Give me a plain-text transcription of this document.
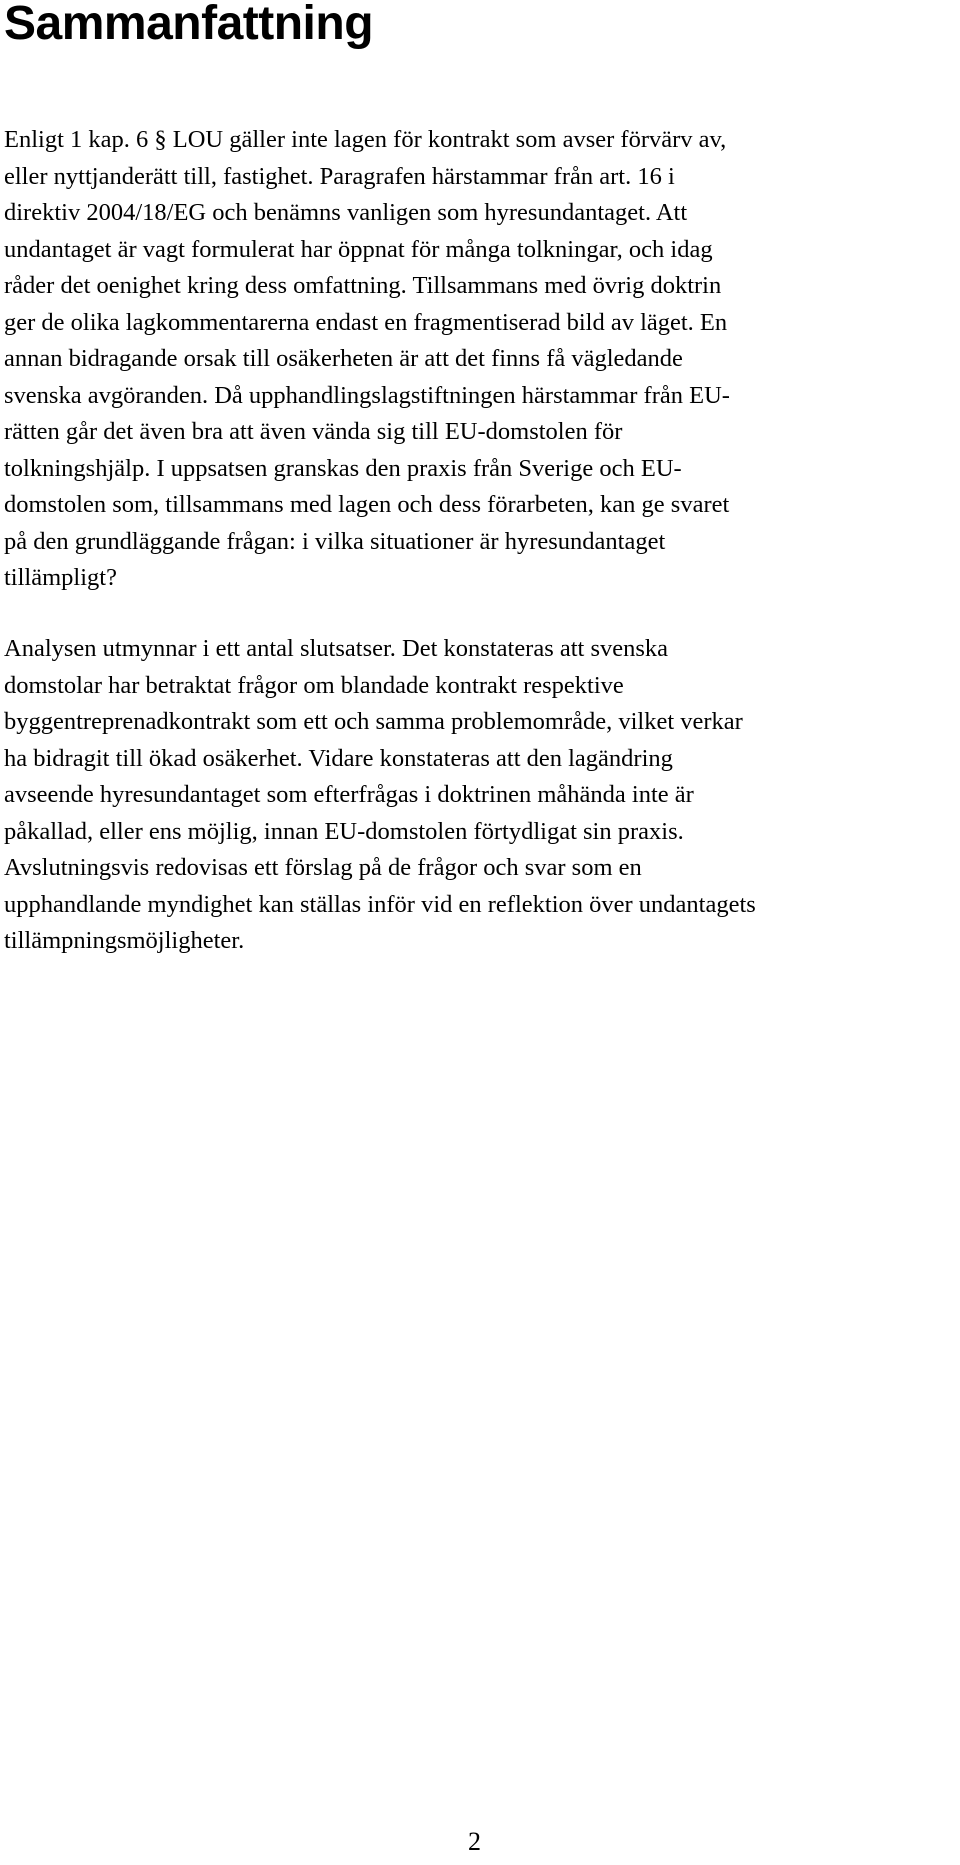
Sammanfattning

Enligt 1 kap. 6 § LOU gäller inte lagen för kontrakt som avser förvärv av,
eller nyttjanderätt till, fastighet. Paragrafen härstammar från art. 16 i
direktiv 2004/18/EG och benämns vanligen som hyresundantaget. Att
undantaget är vagt formulerat har öppnat för många tolkningar, och idag
råder det oenighet kring dess omfattning. Tillsammans med övrig doktrin
ger de olika lagkommentarerna endast en fragmentiserad bild av läget. En
annan bidragande orsak till osäkerheten är att det finns få vägledande
svenska avgöranden. Då upphandlingslagstiftningen härstammar från EU-
rätten går det även bra att även vända sig till EU-domstolen för
tolkningshjälp. I uppsatsen granskas den praxis från Sverige och EU-
domstolen som, tillsammans med lagen och dess förarbeten, kan ge svaret
på den grundläggande frågan: i vilka situationer är hyresundantaget
tillämpligt?

Analysen utmynnar i ett antal slutsatser. Det konstateras att svenska
domstolar har betraktat frågor om blandade kontrakt respektive
byggentreprenadkontrakt som ett och samma problemområde, vilket verkar
ha bidragit till ökad osäkerhet. Vidare konstateras att den lagändring
avseende hyresundantaget som efterfrågas i doktrinen måhända inte är
påkallad, eller ens möjlig, innan EU-domstolen förtydligat sin praxis.
Avslutningsvis redovisas ett förslag på de frågor och svar som en
upphandlande myndighet kan ställas inför vid en reflektion över undantagets
tillämpningsmöjligheter.

2
